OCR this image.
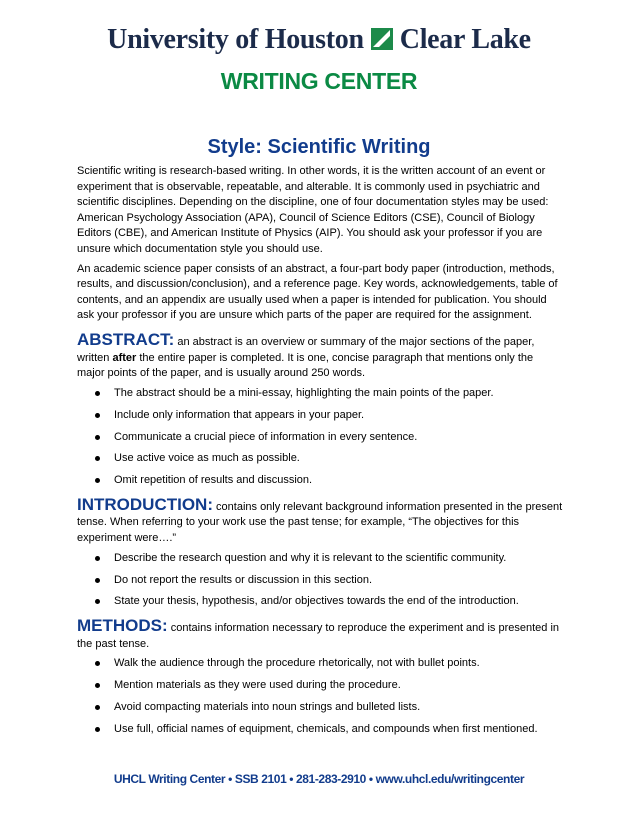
University of Houston Clear Lake
WRITING CENTER
Style: Scientific Writing

Scientific writing is research-based writing. In other words, it is the written account of an event or experiment that is observable, repeatable, and alterable. It is commonly used in psychiatric and scientific disciplines. Depending on the discipline, one of four documentation styles may be used: American Psychology Association (APA), Council of Science Editors (CSE), Council of Biology Editors (CBE), and American Institute of Physics (AIP). You should ask your professor if you are unsure which documentation style you should use.

An academic science paper consists of an abstract, a four-part body paper (introduction, methods, results, and discussion/conclusion), and a reference page. Key words, acknowledgements, table of contents, and an appendix are usually used when a paper is intended for publication. You should ask your professor if you are unsure which parts of the paper are required for the assignment.

ABSTRACT: an abstract is an overview or summary of the major sections of the paper, written after the entire paper is completed. It is one, concise paragraph that mentions only the major points of the paper, and is usually around 250 words.

The abstract should be a mini-essay, highlighting the main points of the paper.
Include only information that appears in your paper.
Communicate a crucial piece of information in every sentence.
Use active voice as much as possible.
Omit repetition of results and discussion.

INTRODUCTION: contains only relevant background information presented in the present tense. When referring to your work use the past tense; for example, “The objectives for this experiment were….”

Describe the research question and why it is relevant to the scientific community.
Do not report the results or discussion in this section.
State your thesis, hypothesis, and/or objectives towards the end of the introduction.

METHODS: contains information necessary to reproduce the experiment and is presented in the past tense.

Walk the audience through the procedure rhetorically, not with bullet points.
Mention materials as they were used during the procedure.
Avoid compacting materials into noun strings and bulleted lists.
Use full, official names of equipment, chemicals, and compounds when first mentioned.
UHCL Writing Center • SSB 2101 • 281-283-2910 • www.uhcl.edu/writingcenter
